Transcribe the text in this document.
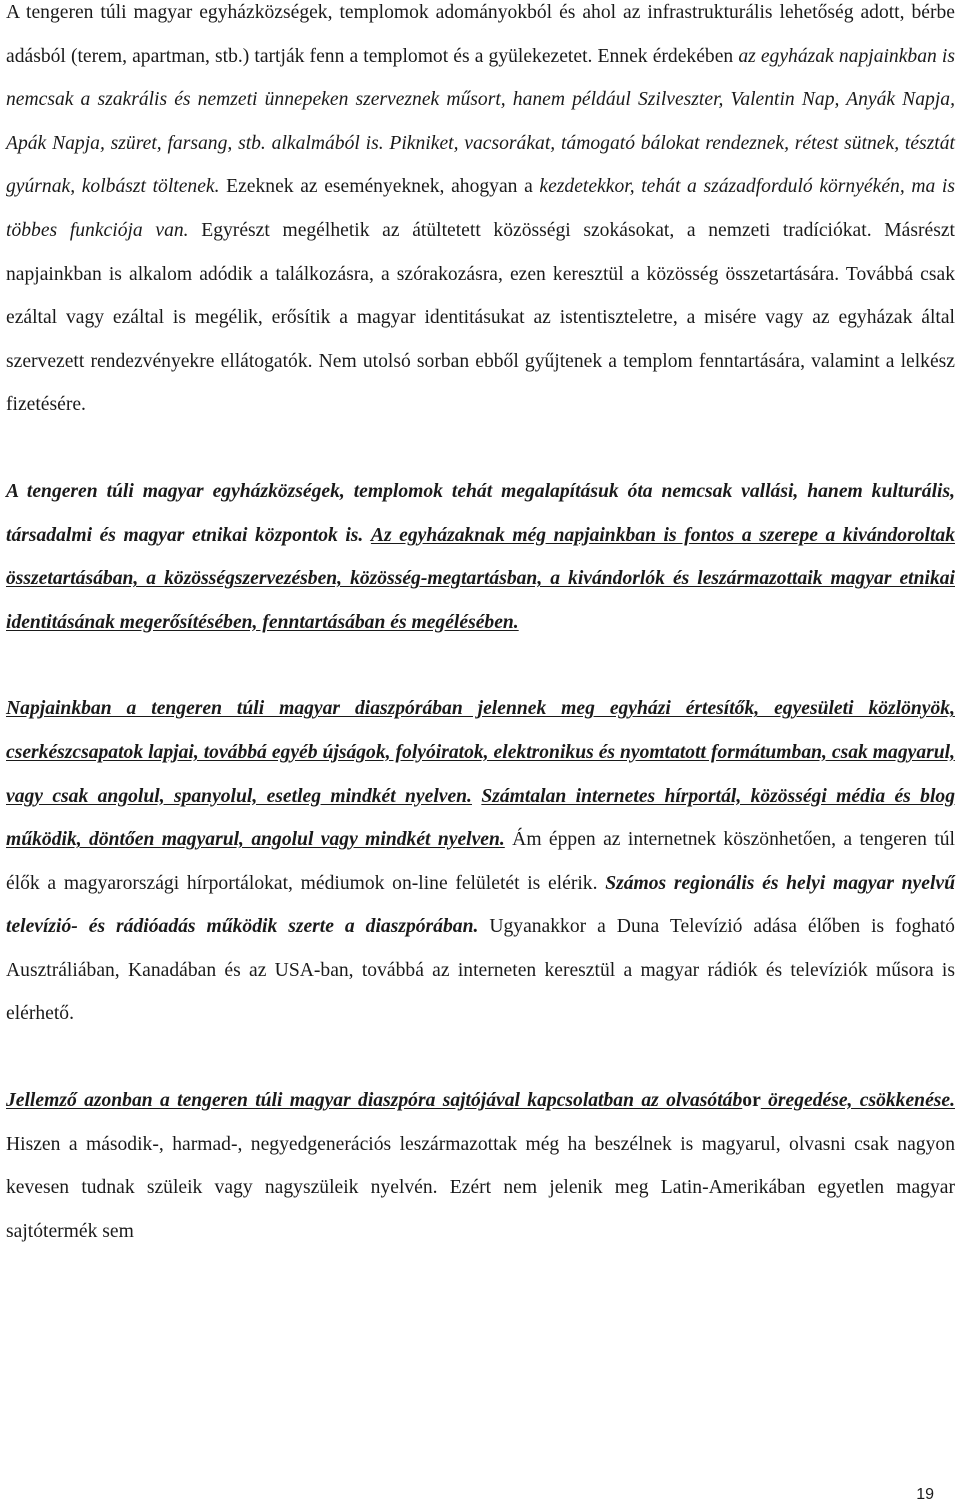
A tengeren túli magyar egyházközségek, templomok adományokból és ahol az infrastrukturális lehetőség adott, bérbe adásból (terem, apartman, stb.) tartják fenn a templomot és a gyülekezetet. Ennek érdekében az egyházak napjainkban is nemcsak a szakrális és nemzeti ünnepeken szerveznek műsort, hanem például Szilveszter, Valentin Nap, Anyák Napja, Apák Napja, szüret, farsang, stb. alkalmából is. Pikniket, vacsorákat, támogató bálokat rendeznek, rétest sütnek, tésztát gyúrnak, kolbászt töltenek. Ezeknek az eseményeknek, ahogyan a kezdetekkor, tehát a századforduló környékén, ma is többes funkciója van. Egyrészt megélhetik az átültetett közösségi szokásokat, a nemzeti tradíciókat. Másrészt napjainkban is alkalom adódik a találkozásra, a szórakozásra, ezen keresztül a közösség összetartására. Továbbá csak ezáltal vagy ezáltal is megélik, erősítik a magyar identitásukat az istentiszteletre, a misére vagy az egyházak által szervezett rendezvényekre ellátogatók. Nem utolsó sorban ebből gyűjtenek a templom fenntartására, valamint a lelkész fizetésére.

A tengeren túli magyar egyházközségek, templomok tehát megalapításuk óta nemcsak vallási, hanem kulturális, társadalmi és magyar etnikai központok is. Az egyházaknak még napjainkban is fontos a szerepe a kivándoroltak összetartásában, a közösségszervezésben, közösség-megtartásban, a kivándorlók és leszármazottaik magyar etnikai identitásának megerősítésében, fenntartásában és megélésében.

Napjainkban a tengeren túli magyar diaszpórában jelennek meg egyházi értesítők, egyesületi közlönyök, cserkészcsapatok lapjai, továbbá egyéb újságok, folyóiratok, elektronikus és nyomtatott formátumban, csak magyarul, vagy csak angolul, spanyolul, esetleg mindkét nyelven. Számtalan internetes hírportál, közösségi média és blog működik, döntően magyarul, angolul vagy mindkét nyelven. Ám éppen az internetnek köszönhetően, a tengeren túl élők a magyarországi hírportálokat, médiumok on-line felületét is elérik. Számos regionális és helyi magyar nyelvű televízió- és rádióadás működik szerte a diaszpórában. Ugyanakkor a Duna Televízió adása élőben is fogható Ausztráliában, Kanadában és az USA-ban, továbbá az interneten keresztül a magyar rádiók és televíziók műsora is elérhető.

Jellemző azonban a tengeren túli magyar diaszpóra sajtójával kapcsolatban az olvasótábor öregedése, csökkenése. Hiszen a második-, harmad-, negyedgenerációs leszármazottak még ha beszélnek is magyarul, olvasni csak nagyon kevesen tudnak szüleik vagy nagyszüleik nyelvén. Ezért nem jelenik meg Latin-Amerikában egyetlen magyar sajtótermék sem

19
